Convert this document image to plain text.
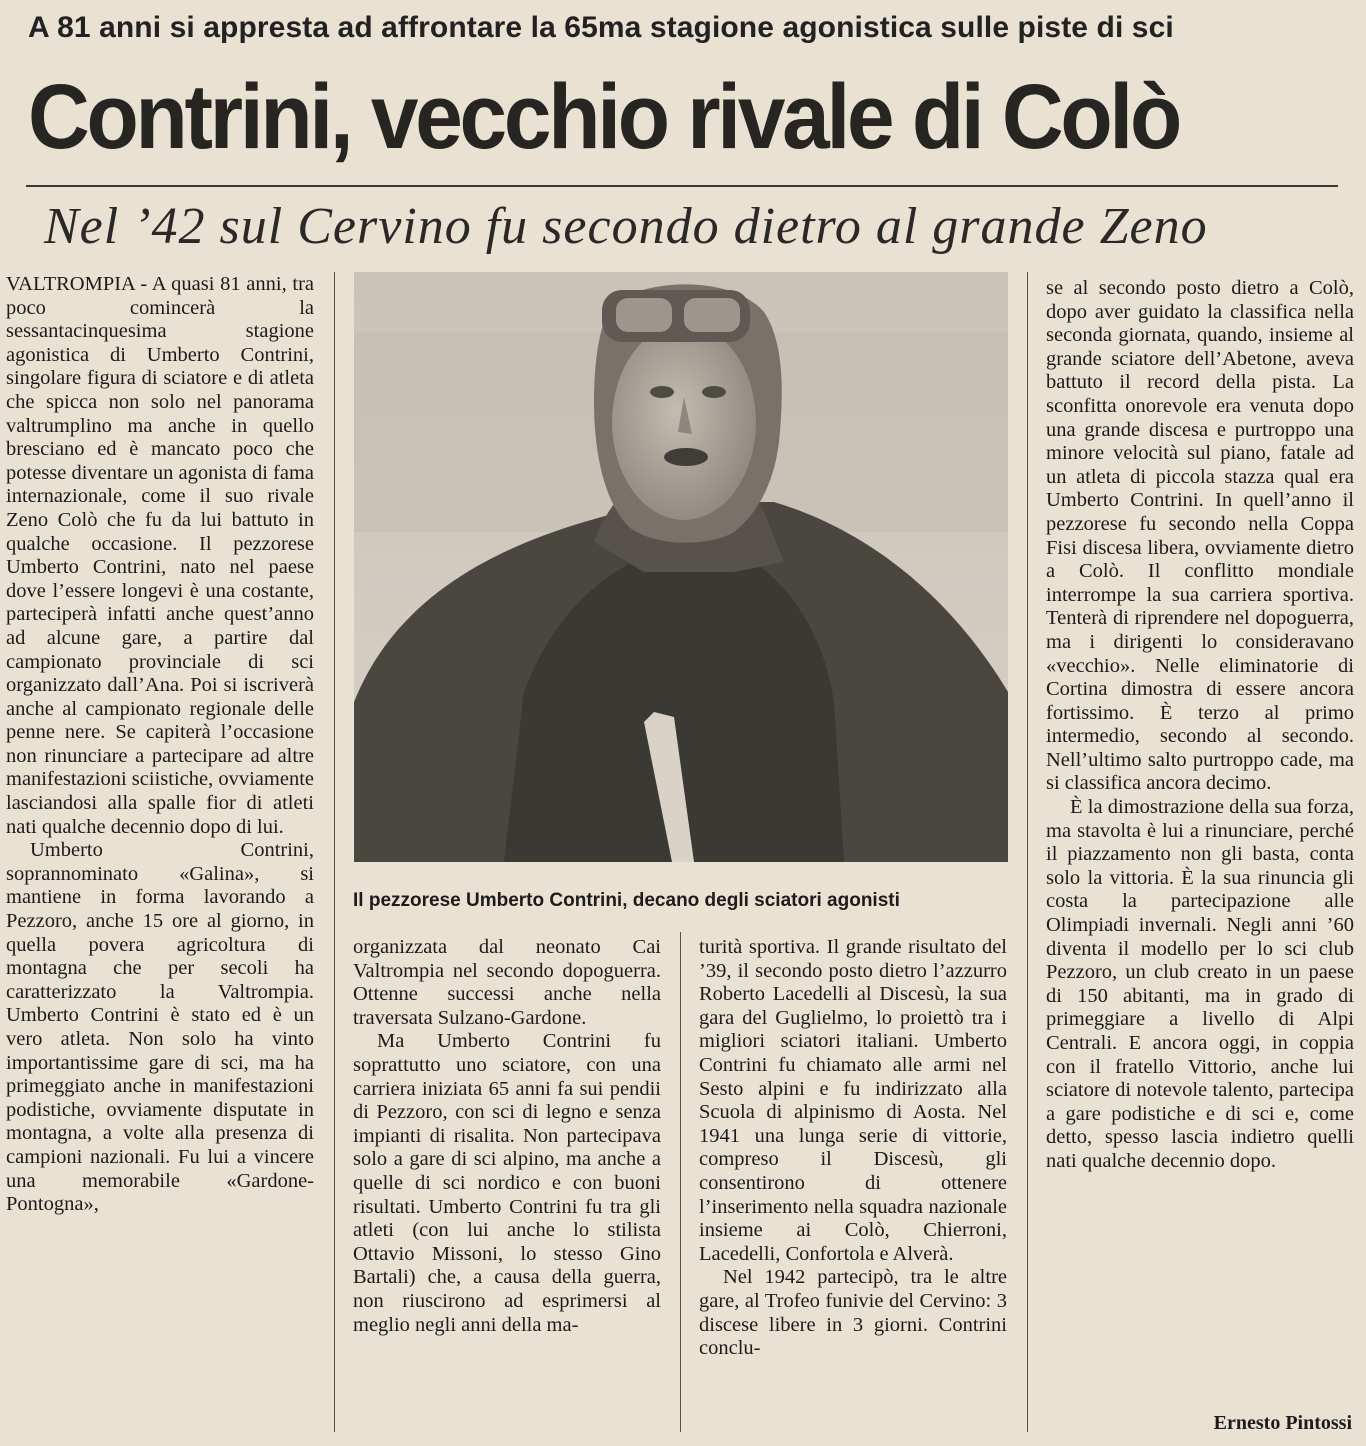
A 81 anni si appresta ad affrontare la 65ma stagione agonistica sulle piste di sci
Contrini, vecchio rivale di Colò
Nel ’42 sul Cervino fu secondo dietro al grande Zeno

VALTROMPIA - A quasi 81 anni, tra poco comincerà la sessantacinquesima stagione agonistica di Umberto Contrini, singolare figura di sciatore e di atleta che spicca non solo nel panorama valtrumplino ma anche in quello bresciano ed è mancato poco che potesse diventare un agonista di fama internazionale, come il suo rivale Zeno Colò che fu da lui battuto in qualche occasione. Il pezzorese Umberto Contrini, nato nel paese dove l’essere longevi è una costante, parteciperà infatti anche quest’anno ad alcune gare, a partire dal campionato provinciale di sci organizzato dall’Ana. Poi si iscriverà anche al campionato regionale delle penne nere. Se capiterà l’occasione non rinunciare a partecipare ad altre manifestazioni sciistiche, ovviamente lasciandosi alla spalle fior di atleti nati qualche decennio dopo di lui.

Umberto Contrini, soprannominato «Galina», si mantiene in forma lavorando a Pezzoro, anche 15 ore al giorno, in quella povera agricoltura di montagna che per secoli ha caratterizzato la Valtrompia. Umberto Contrini è stato ed è un vero atleta. Non solo ha vinto importantissime gare di sci, ma ha primeggiato anche in manifestazioni podistiche, ovviamente disputate in montagna, a volte alla presenza di campioni nazionali. Fu lui a vincere una memorabile «Gardone-Pontogna»,

Il pezzorese Umberto Contrini, decano degli sciatori agonisti

organizzata dal neonato Cai Valtrompia nel secondo dopoguerra. Ottenne successi anche nella traversata Sulzano-Gardone.

Ma Umberto Contrini fu soprattutto uno sciatore, con una carriera iniziata 65 anni fa sui pendii di Pezzoro, con sci di legno e senza impianti di risalita. Non partecipava solo a gare di sci alpino, ma anche a quelle di sci nordico e con buoni risultati. Umberto Contrini fu tra gli atleti (con lui anche lo stilista Ottavio Missoni, lo stesso Gino Bartali) che, a causa della guerra, non riuscirono ad esprimersi al meglio negli anni della ma-

turità sportiva. Il grande risultato del ’39, il secondo posto dietro l’azzurro Roberto Lacedelli al Discesù, la sua gara del Guglielmo, lo proiettò tra i migliori sciatori italiani. Umberto Contrini fu chiamato alle armi nel Sesto alpini e fu indirizzato alla Scuola di alpinismo di Aosta. Nel 1941 una lunga serie di vittorie, compreso il Discesù, gli consentirono di ottenere l’inserimento nella squadra nazionale insieme ai Colò, Chierroni, Lacedelli, Confortola e Alverà.

Nel 1942 partecipò, tra le altre gare, al Trofeo funivie del Cervino: 3 discese libere in 3 giorni. Contrini conclu-

se al secondo posto dietro a Colò, dopo aver guidato la classifica nella seconda giornata, quando, insieme al grande sciatore dell’Abetone, aveva battuto il record della pista. La sconfitta onorevole era venuta dopo una grande discesa e purtroppo una minore velocità sul piano, fatale ad un atleta di piccola stazza qual era Umberto Contrini. In quell’anno il pezzorese fu secondo nella Coppa Fisi discesa libera, ovviamente dietro a Colò. Il conflitto mondiale interrompe la sua carriera sportiva. Tenterà di riprendere nel dopoguerra, ma i dirigenti lo consideravano «vecchio». Nelle eliminatorie di Cortina dimostra di essere ancora fortissimo. È terzo al primo intermedio, secondo al secondo. Nell’ultimo salto purtroppo cade, ma si classifica ancora decimo.

È la dimostrazione della sua forza, ma stavolta è lui a rinunciare, perché il piazzamento non gli basta, conta solo la vittoria. È la sua rinuncia gli costa la partecipazione alle Olimpiadi invernali. Negli anni ’60 diventa il modello per lo sci club Pezzoro, un club creato in un paese di 150 abitanti, ma in grado di primeggiare a livello di Alpi Centrali. E ancora oggi, in coppia con il fratello Vittorio, anche lui sciatore di notevole talento, partecipa a gare podistiche e di sci e, come detto, spesso lascia indietro quelli nati qualche decennio dopo.

Ernesto Pintossi
